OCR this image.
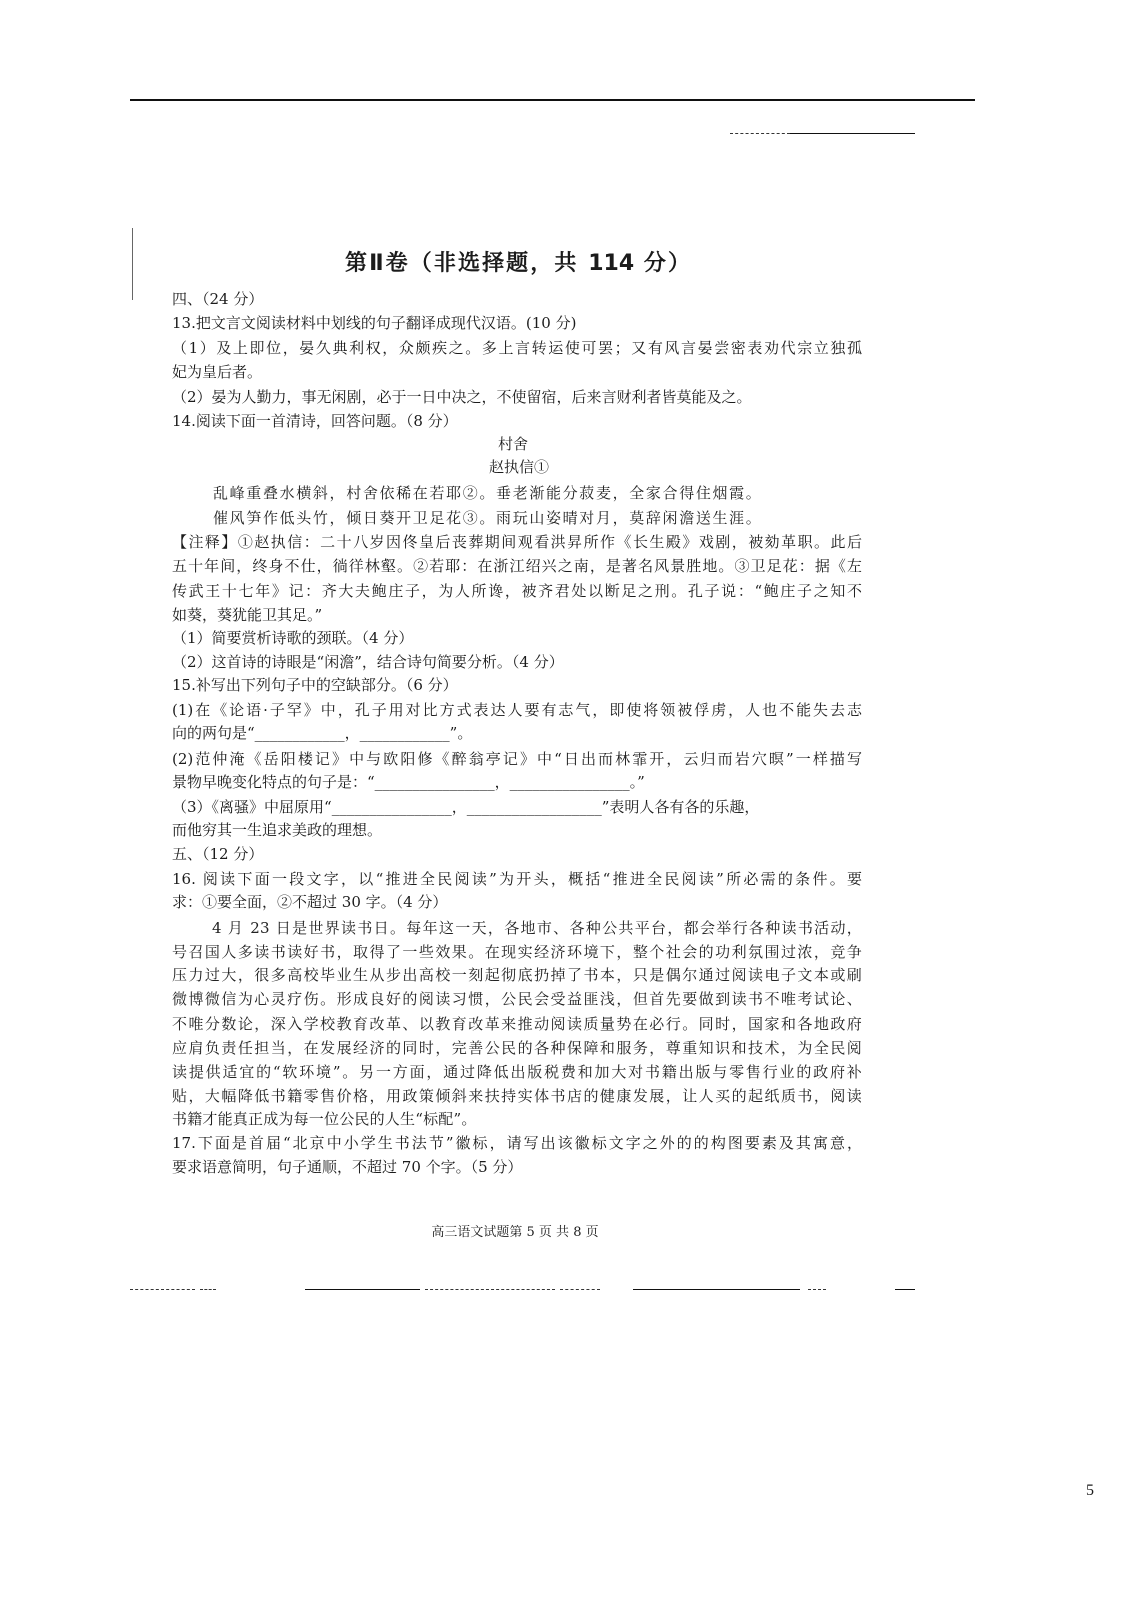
第Ⅱ卷（非选择题，共 114 分）
四、（24 分）
13.把文言文阅读材料中划线的句子翻译成现代汉语。(10 分)
（1）及上即位，晏久典利权，众颇疾之。多上言转运使可罢；又有风言晏尝密表劝代宗立独孤
妃为皇后者。
（2）晏为人勤力，事无闲剧，必于一日中决之，不使留宿，后来言财利者皆莫能及之。
14.阅读下面一首清诗，回答问题。（8 分）
村舍
赵执信①
乱峰重叠水横斜，村舍依稀在若耶②。垂老渐能分菽麦，全家合得住烟霞。
催风笋作低头竹，倾日葵开卫足花③。雨玩山姿晴对月，莫辞闲澹送生涯。
【注释】①赵执信：二十八岁因佟皇后丧葬期间观看洪昇所作《长生殿》戏剧，被劾革职。此后
五十年间，终身不仕，徜徉林壑。②若耶：在浙江绍兴之南，是著名风景胜地。③卫足花：据《左
传武王十七年》记：齐大夫鲍庄子，为人所谗，被齐君处以断足之刑。孔子说：“鲍庄子之知不
如葵，葵犹能卫其足。”
（1）简要赏析诗歌的颈联。（4 分）
（2）这首诗的诗眼是“闲澹”，结合诗句简要分析。（4 分）
15.补写出下列句子中的空缺部分。（6 分）
(1)在《论语·子罕》中，孔子用对比方式表达人要有志气，即使将领被俘虏，人也不能失去志
向的两句是“____________，____________”。
(2)范仲淹《岳阳楼记》中与欧阳修《醉翁亭记》中“日出而林霏开，云归而岩穴暝”一样描写
景物早晚变化特点的句子是：“________________，________________。”
（3）《离骚》中屈原用“________________，__________________”表明人各有各的乐趣，
而他穷其一生追求美政的理想。
五、（12 分）
16. 阅读下面一段文字，以“推进全民阅读”为开头，概括“推进全民阅读”所必需的条件。要
求：①要全面，②不超过 30 字。（4 分）
4 月 23 日是世界读书日。每年这一天，各地市、各种公共平台，都会举行各种读书活动，
号召国人多读书读好书，取得了一些效果。在现实经济环境下，整个社会的功利氛围过浓，竞争
压力过大，很多高校毕业生从步出高校一刻起彻底扔掉了书本，只是偶尔通过阅读电子文本或刷
微博微信为心灵疗伤。形成良好的阅读习惯，公民会受益匪浅，但首先要做到读书不唯考试论、
不唯分数论，深入学校教育改革、以教育改革来推动阅读质量势在必行。同时，国家和各地政府
应肩负责任担当，在发展经济的同时，完善公民的各种保障和服务，尊重知识和技术，为全民阅
读提供适宜的“软环境”。另一方面，通过降低出版税费和加大对书籍出版与零售行业的政府补
贴，大幅降低书籍零售价格，用政策倾斜来扶持实体书店的健康发展，让人买的起纸质书，阅读
书籍才能真正成为每一位公民的人生“标配”。
17.下面是首届“北京中小学生书法节”徽标，请写出该徽标文字之外的的构图要素及其寓意，
要求语意简明，句子通顺，不超过 70 个字。（5 分）
高三语文试题第 5 页 共 8 页
5
